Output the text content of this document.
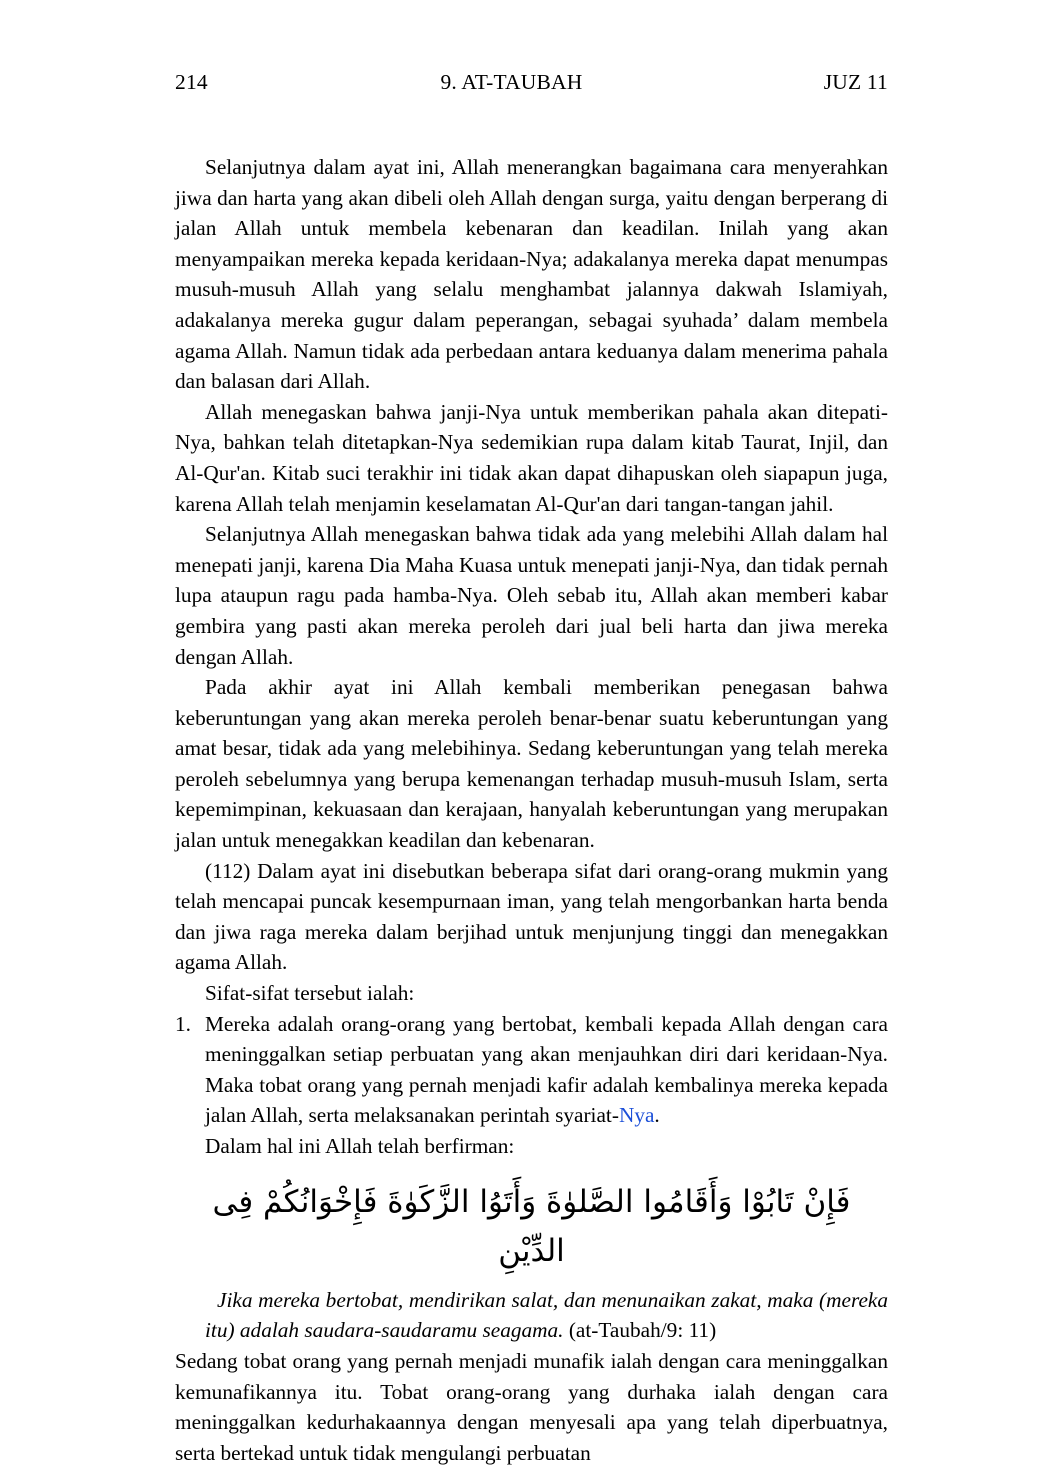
214	9. AT-TAUBAH	JUZ 11

Selanjutnya dalam ayat ini, Allah menerangkan bagaimana cara menyerahkan jiwa dan harta yang akan dibeli oleh Allah dengan surga, yaitu dengan berperang di jalan Allah untuk membela kebenaran dan keadilan. Inilah yang akan menyampaikan mereka kepada keridaan-Nya; adakalanya mereka dapat menumpas musuh-musuh Allah yang selalu menghambat jalannya dakwah Islamiyah, adakalanya mereka gugur dalam peperangan, sebagai syuhada’ dalam membela agama Allah. Namun tidak ada perbedaan antara keduanya dalam menerima pahala dan balasan dari Allah.

Allah menegaskan bahwa janji-Nya untuk memberikan pahala akan ditepati-Nya, bahkan telah ditetapkan-Nya sedemikian rupa dalam kitab Taurat, Injil, dan Al-Qur'an. Kitab suci terakhir ini tidak akan dapat dihapuskan oleh siapapun juga, karena Allah telah menjamin keselamatan Al-Qur'an dari tangan-tangan jahil.

Selanjutnya Allah menegaskan bahwa tidak ada yang melebihi Allah dalam hal menepati janji, karena Dia Maha Kuasa untuk menepati janji-Nya, dan tidak pernah lupa ataupun ragu pada hamba-Nya. Oleh sebab itu, Allah akan memberi kabar gembira yang pasti akan mereka peroleh dari jual beli harta dan jiwa mereka dengan Allah.

Pada akhir ayat ini Allah kembali memberikan penegasan bahwa keberuntungan yang akan mereka peroleh benar-benar suatu keberuntungan yang amat besar, tidak ada yang melebihinya. Sedang keberuntungan yang telah mereka peroleh sebelumnya yang berupa kemenangan terhadap musuh-musuh Islam, serta kepemimpinan, kekuasaan dan kerajaan, hanyalah keberuntungan yang merupakan jalan untuk menegakkan keadilan dan kebenaran.

(112) Dalam ayat ini disebutkan beberapa sifat dari orang-orang mukmin yang telah mencapai puncak kesempurnaan iman, yang telah mengorbankan harta benda dan jiwa raga mereka dalam berjihad untuk menjunjung tinggi dan menegakkan agama Allah.

Sifat-sifat tersebut ialah:

1. Mereka adalah orang-orang yang bertobat, kembali kepada Allah dengan cara meninggalkan setiap perbuatan yang akan menjauhkan diri dari keridaan-Nya. Maka tobat orang yang pernah menjadi kafir adalah kembalinya mereka kepada jalan Allah, serta melaksanakan perintah syariat-Nya.

Dalam hal ini Allah telah berfirman:

فَإِنْ تَابُوْا وَأَقَامُوا الصَّلوٰةَ وَأَتَوُا الزَّكَوٰةَ فَإِخْوَانُكُمْ فِى الدِّيْنِ
Jika mereka bertobat, mendirikan salat, dan menunaikan zakat, maka (mereka itu) adalah saudara-saudaramu seagama. (at-Taubah/9: 11)

Sedang tobat orang yang pernah menjadi munafik ialah dengan cara meninggalkan kemunafikannya itu. Tobat orang-orang yang durhaka ialah dengan cara meninggalkan kedurhakaannya dengan menyesali apa yang telah diperbuatnya, serta bertekad untuk tidak mengulangi perbuatan
